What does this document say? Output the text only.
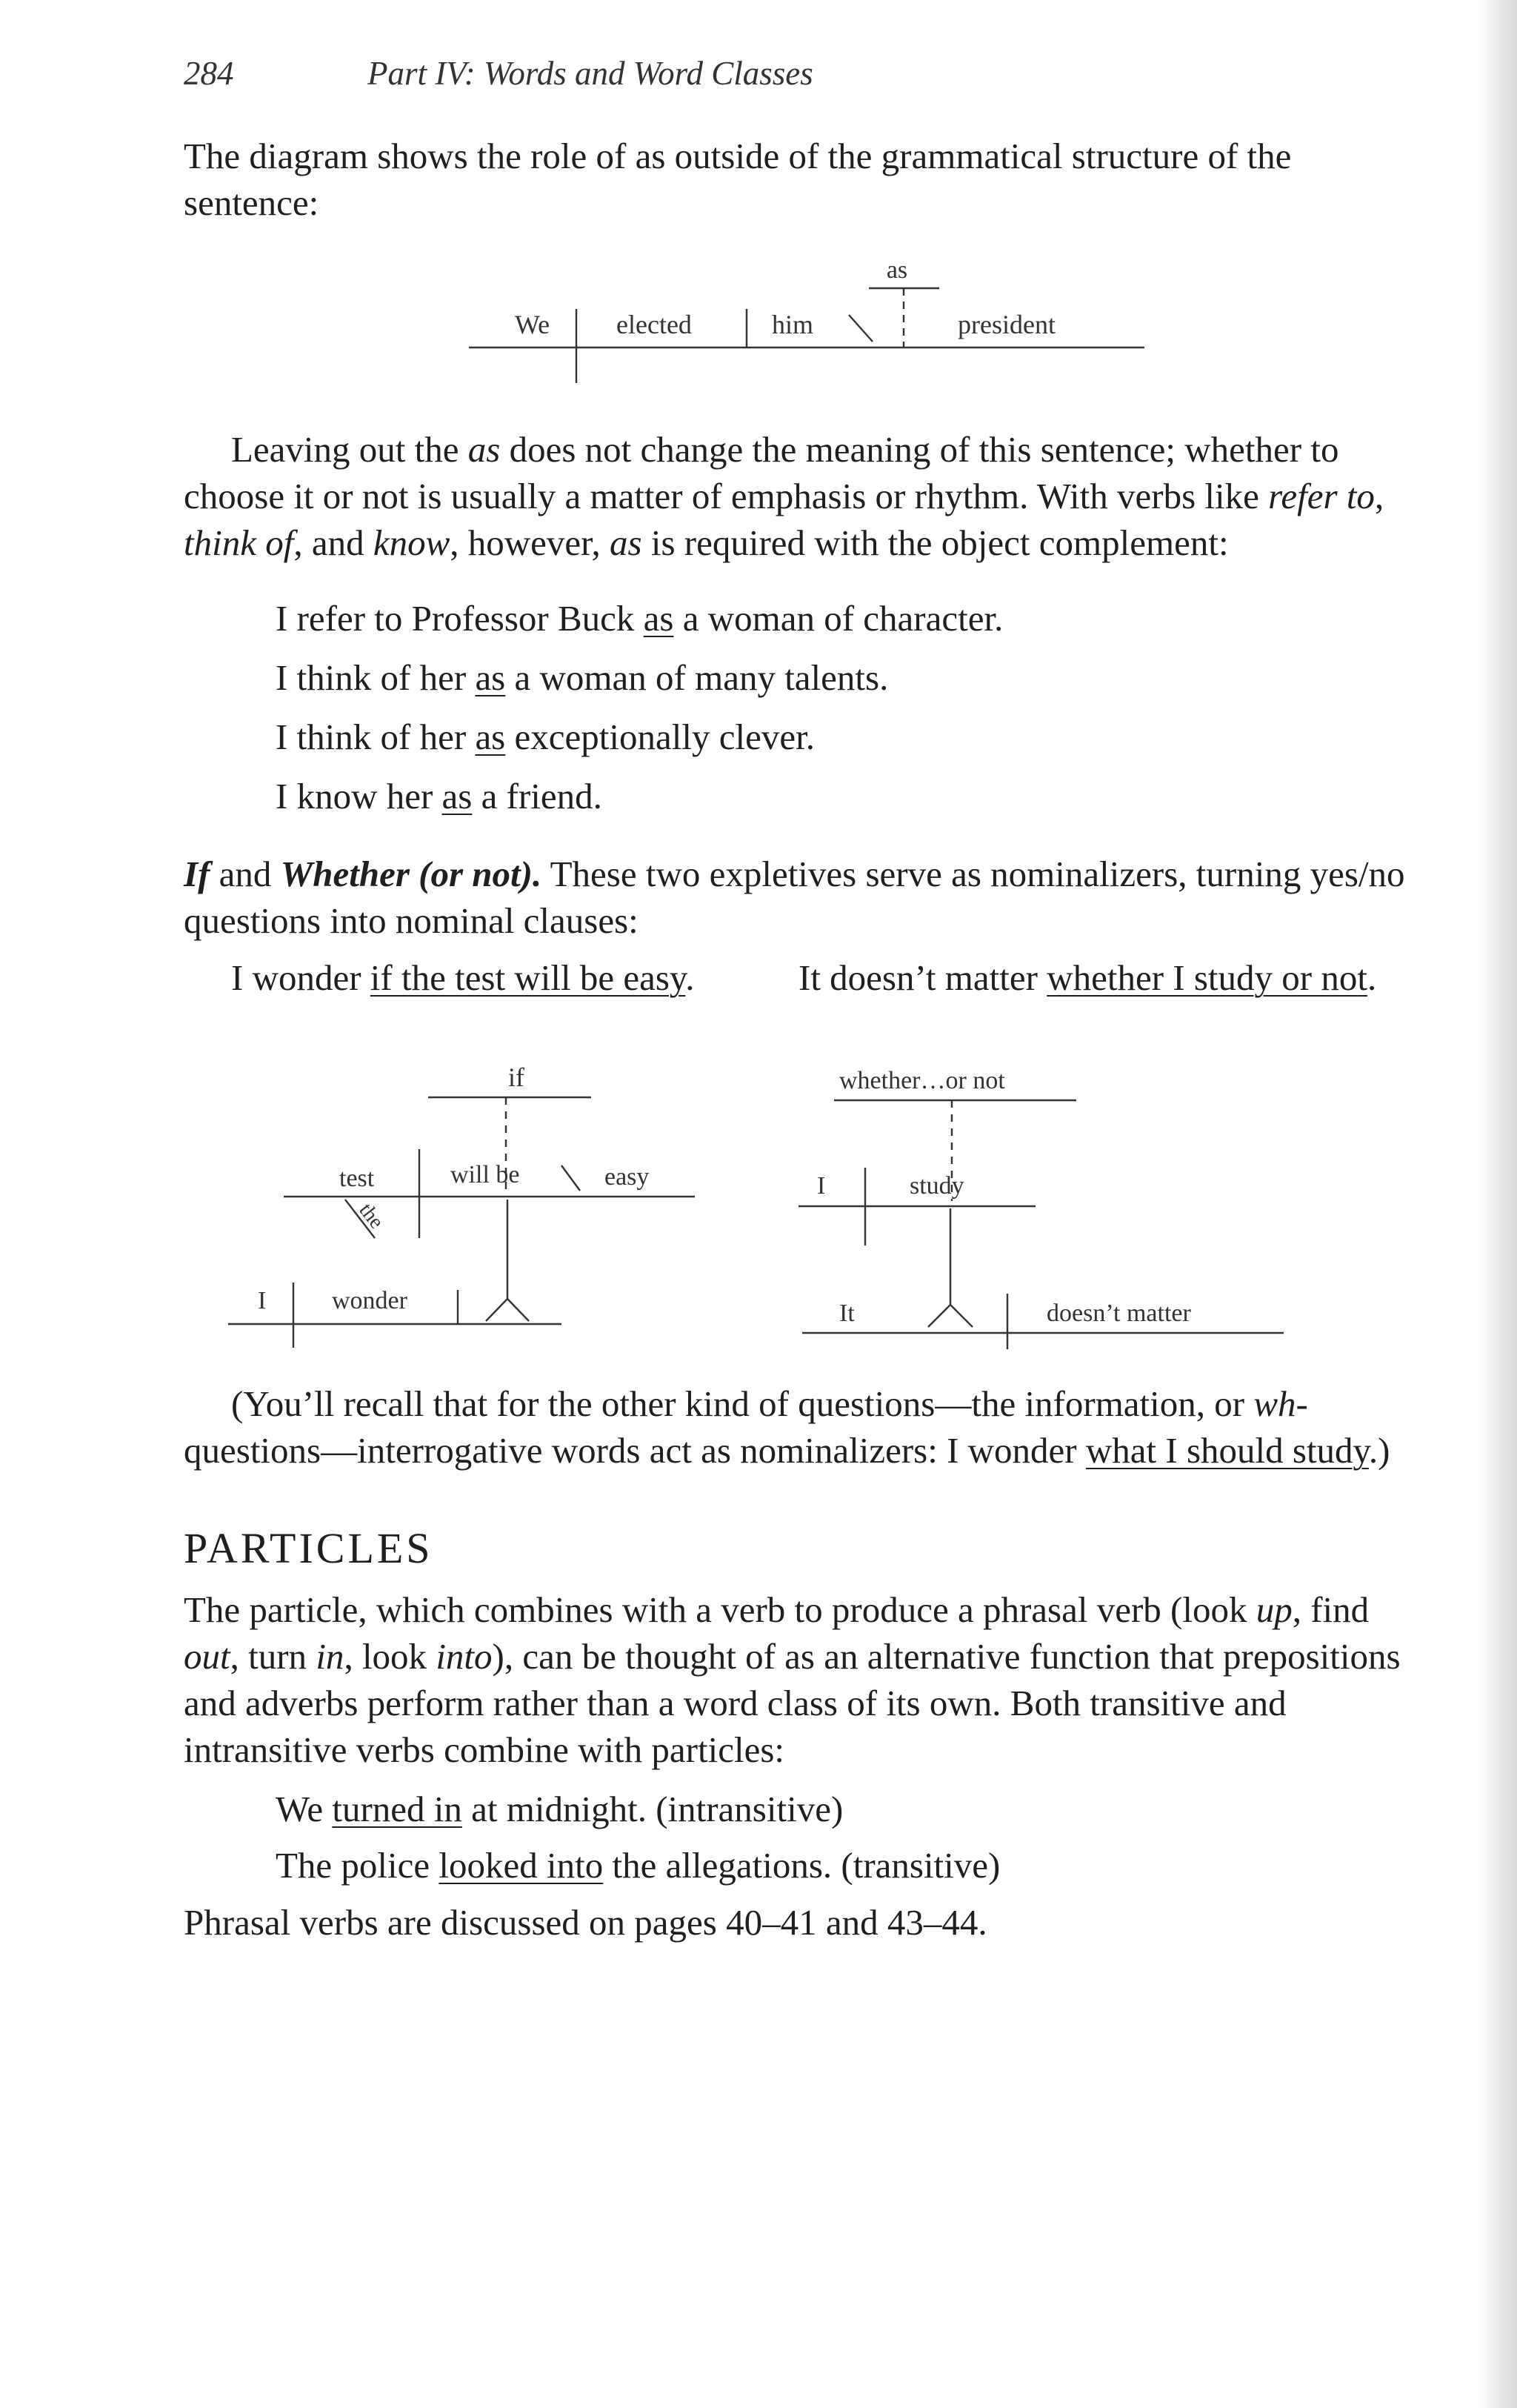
284	Part IV: Words and Word Classes

The diagram shows the role of as outside of the grammatical structure of the sentence:

as
We elected	him	president

Leaving out the as does not change the meaning of this sentence; whether to choose it or not is usually a matter of emphasis or rhythm. With verbs like refer to, think of, and know, however, as is required with the object complement:

I refer to Professor Buck as a woman of character.

I think of her as a woman of many talents.

I think of her as exceptionally clever.

I know her as a friend.

If and Whether (or not). These two expletives serve as nominalizers, turning yes/no questions into nominal clauses:

I wonder if the test will be easy.	It doesn’t matter whether I study or not.
if
test	will be	easy
the
I	wonder
whether…or not
I	study
It	doesn’t matter

(You’ll recall that for the other kind of questions—the information, or wh- questions—interrogative words act as nominalizers: I wonder what I should study.)

PARTICLES

The particle, which combines with a verb to produce a phrasal verb (look up, find out, turn in, look into), can be thought of as an alternative function that prepositions and adverbs perform rather than a word class of its own. Both transitive and intransitive verbs combine with particles:

We turned in at midnight. (intransitive)

The police looked into the allegations. (transitive)

Phrasal verbs are discussed on pages 40–41 and 43–44.
